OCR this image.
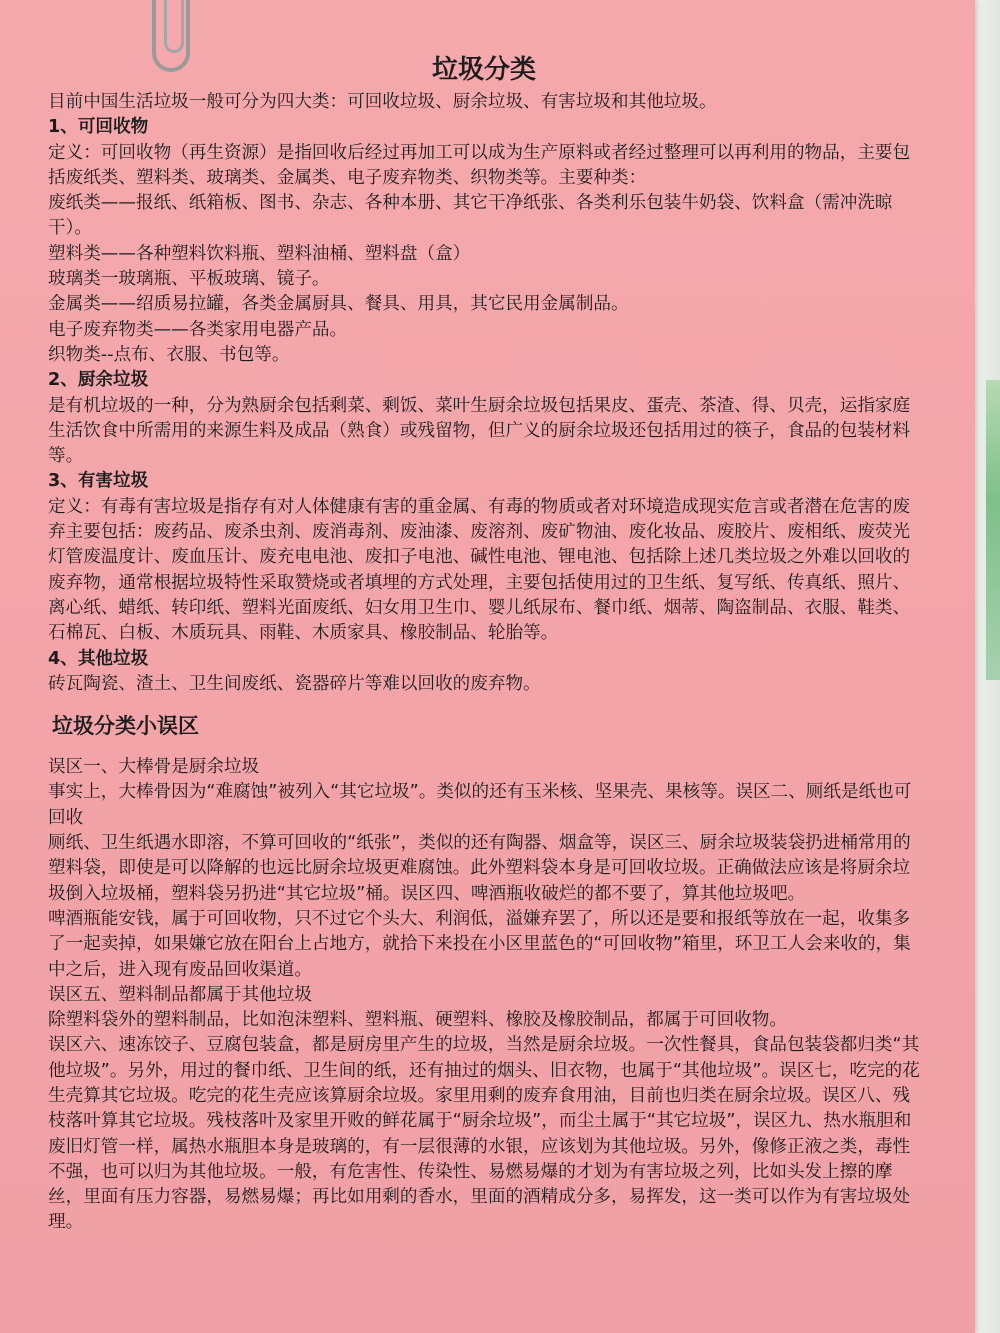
垃圾分类

目前中国生活垃圾一般可分为四大类：可回收垃圾、厨余垃圾、有害垃圾和其他垃圾。

1、可回收物

定义：可回收物（再生资源）是指回收后经过再加工可以成为生产原料或者经过整理可以再利用的物品，主要包括废纸类、塑料类、玻璃类、金属类、电子废弃物类、织物类等。主要种类：

废纸类——报纸、纸箱板、图书、杂志、各种本册、其它干净纸张、各类利乐包装牛奶袋、饮料盒（需冲洗晾干）。

塑料类——各种塑料饮料瓶、塑料油桶、塑料盘（盒）

玻璃类一玻璃瓶、平板玻璃、镜子。

金属类——绍质易拉罐，各类金属厨具、餐具、用具，其它民用金属制品。

电子废弃物类——各类家用电器产品。

织物类--点布、衣服、书包等。

2、厨余垃圾

是有机垃圾的一种，分为熟厨余包括剩菜、剩饭、菜叶生厨余垃圾包括果皮、蛋壳、茶渣、得、贝壳，运指家庭生活饮食中所需用的来源生料及成品（熟食）或残留物，但广义的厨余垃圾还包括用过的筷子，食品的包装材料等。

3、有害垃圾

定义：有毒有害垃圾是指存有对人体健康有害的重金属、有毒的物质或者对环境造成现实危言或者潜在危害的废弃主要包括：废药品、废杀虫剂、废消毒剂、废油漆、废溶剂、废矿物油、废化妆品、废胶片、废相纸、废荧光灯管废温度计、废血压计、废充电电池、废扣子电池、碱性电池、锂电池、包括除上述几类垃圾之外难以回收的废弃物，通常根据垃圾特性采取赞烧或者填埋的方式处理，主要包括使用过的卫生纸、复写纸、传真纸、照片、离心纸、蜡纸、转印纸、塑料光面废纸、妇女用卫生巾、婴儿纸尿布、餐巾纸、烟蒂、陶盗制品、衣服、鞋类、石棉瓦、白板、木质玩具、雨鞋、木质家具、橡胶制品、轮胎等。

4、其他垃圾

砖瓦陶瓷、渣土、卫生间废纸、瓷器碎片等难以回收的废弃物。

垃圾分类小误区

误区一、大棒骨是厨余垃圾

事实上，大棒骨因为“难腐蚀”被列入“其它垃圾”。类似的还有玉米核、坚果壳、果核等。误区二、厕纸是纸也可回收

厕纸、卫生纸遇水即溶，不算可回收的“纸张”，类似的还有陶器、烟盒等，误区三、厨余垃圾装袋扔进桶常用的塑料袋，即使是可以降解的也远比厨余垃圾更难腐蚀。此外塑料袋本身是可回收垃圾。正确做法应该是将厨余垃圾倒入垃圾桶，塑料袋另扔进“其它垃圾”桶。误区四、啤酒瓶收破烂的都不要了，算其他垃圾吧。

啤酒瓶能安钱，属于可回收物，只不过它个头大、利润低，溢嫌弃罢了，所以还是要和报纸等放在一起，收集多了一起卖掉，如果嫌它放在阳台上占地方，就拾下来投在小区里蓝色的“可回收物”箱里，环卫工人会来收的，集中之后，进入现有废品回收渠道。

误区五、塑料制品都属于其他垃圾

除塑料袋外的塑料制品，比如泡沫塑料、塑料瓶、硬塑料、橡胶及橡胶制品，都属于可回收物。

误区六、速冻饺子、豆腐包装盒，都是厨房里产生的垃圾，当然是厨余垃圾。一次性餐具，食品包装袋都归类“其他垃圾”。另外，用过的餐巾纸、卫生间的纸，还有抽过的烟头、旧衣物，也属于“其他垃圾”。误区七，吃完的花生壳算其它垃圾。吃完的花生壳应该算厨余垃圾。家里用剩的废弃食用油，目前也归类在厨余垃圾。误区八、残枝落叶算其它垃圾。残枝落叶及家里开败的鲜花属于“厨余垃圾”，而尘土属于“其它垃圾”，误区九、热水瓶胆和废旧灯管一样，属热水瓶胆本身是玻璃的，有一层很薄的水银，应该划为其他垃圾。另外，像修正液之类，毒性不强，也可以归为其他垃圾。一般，有危害性、传染性、易燃易爆的才划为有害垃圾之列，比如头发上擦的摩丝，里面有压力容器，易燃易爆；再比如用剩的香水，里面的酒精成分多，易挥发，这一类可以作为有害垃圾处理。
